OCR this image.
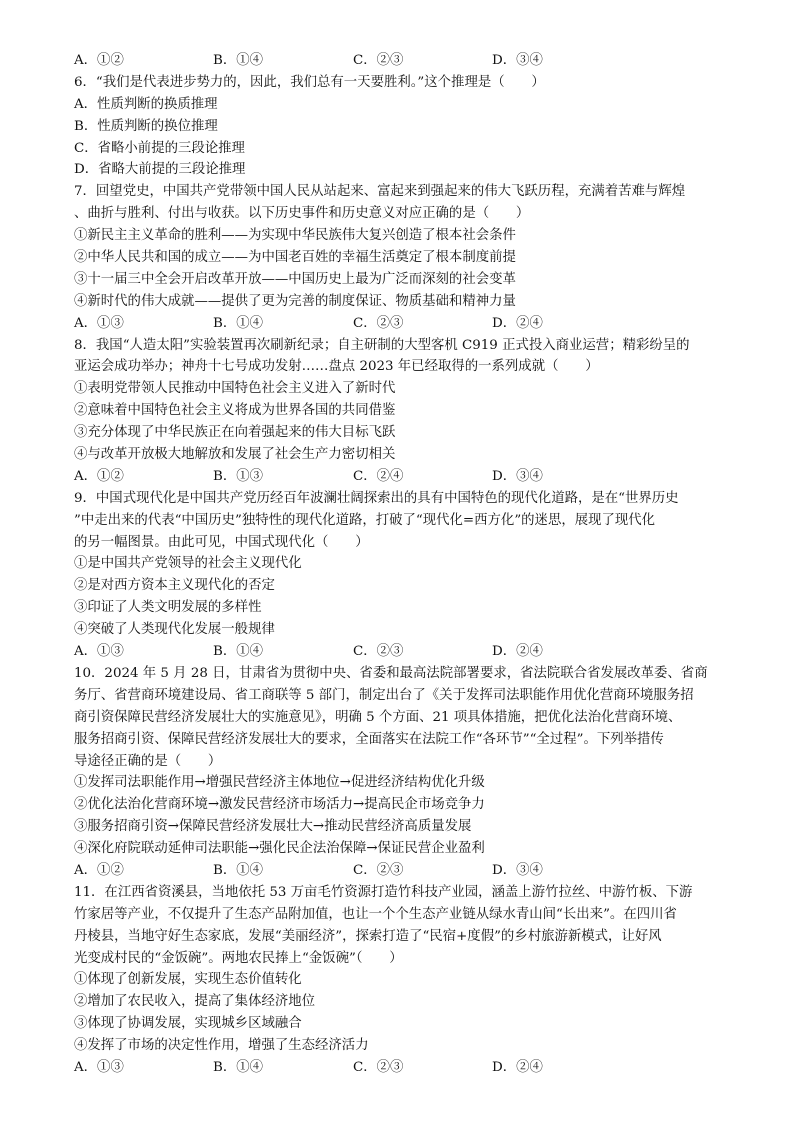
A．①②	B．①④	C．②③	D．③④
6．“我们是代表进步势力的，因此，我们总有一天要胜利。”这个推理是（　　）
A．性质判断的换质推理
B．性质判断的换位推理
C．省略小前提的三段论推理
D．省略大前提的三段论推理
7．回望党史，中国共产党带领中国人民从站起来、富起来到强起来的伟大飞跃历程，充满着苦难与辉煌
、曲折与胜利、付出与收获。以下历史事件和历史意义对应正确的是（　　）
①新民主主义革命的胜利——为实现中华民族伟大复兴创造了根本社会条件
②中华人民共和国的成立——为中国老百姓的幸福生活奠定了根本制度前提
③十一届三中全会开启改革开放——中国历史上最为广泛而深刻的社会变革
④新时代的伟大成就——提供了更为完善的制度保证、物质基础和精神力量
A．①③	B．①④	C．②③	D．②④
8．我国“人造太阳”实验装置再次刷新纪录；自主研制的大型客机 C919 正式投入商业运营；精彩纷呈的
亚运会成功举办；神舟十七号成功发射……盘点 2023 年已经取得的一系列成就（　　）
①表明党带领人民推动中国特色社会主义进入了新时代
②意味着中国特色社会主义将成为世界各国的共同借鉴
③充分体现了中华民族正在向着强起来的伟大目标飞跃
④与改革开放极大地解放和发展了社会生产力密切相关
A．①②	B．①③	C．②④	D．③④
9．中国式现代化是中国共产党历经百年波澜壮阔探索出的具有中国特色的现代化道路，是在“世界历史
”中走出来的代表“中国历史”独特性的现代化道路，打破了“现代化=西方化”的迷思，展现了现代化
的另一幅图景。由此可见，中国式现代化（　　）
①是中国共产党领导的社会主义现代化
②是对西方资本主义现代化的否定
③印证了人类文明发展的多样性
④突破了人类现代化发展一般规律
A．①③	B．①④	C．②③	D．②④
10．2024 年 5 月 28 日，甘肃省为贯彻中央、省委和最高法院部署要求，省法院联合省发展改革委、省商
务厅、省营商环境建设局、省工商联等 5 部门，制定出台了《关于发挥司法职能作用优化营商环境服务招
商引资保障民营经济发展壮大的实施意见》，明确 5 个方面、21 项具体措施，把优化法治化营商环境、
服务招商引资、保障民营经济发展壮大的要求，全面落实在法院工作“各环节”“全过程”。下列举措传
导途径正确的是（　　）
①发挥司法职能作用→增强民营经济主体地位→促进经济结构优化升级
②优化法治化营商环境→激发民营经济市场活力→提高民企市场竞争力
③服务招商引资→保障民营经济发展壮大→推动民营经济高质量发展
④深化府院联动延伸司法职能→强化民企法治保障→保证民营企业盈利
A．①②	B．①④	C．②③	D．③④
11．在江西省资溪县，当地依托 53 万亩毛竹资源打造竹科技产业园，涵盖上游竹拉丝、中游竹板、下游
竹家居等产业，不仅提升了生态产品附加值，也让一个个生态产业链从绿水青山间“长出来”。在四川省
丹棱县，当地守好生态家底，发展“美丽经济”，探索打造了“民宿+度假”的乡村旅游新模式，让好风
光变成村民的“金饭碗”。两地农民捧上“金饭碗”（　　）
①体现了创新发展，实现生态价值转化
②增加了农民收入，提高了集体经济地位
③体现了协调发展，实现城乡区域融合
④发挥了市场的决定性作用，增强了生态经济活力
A．①③	B．①④	C．②③	D．②④
